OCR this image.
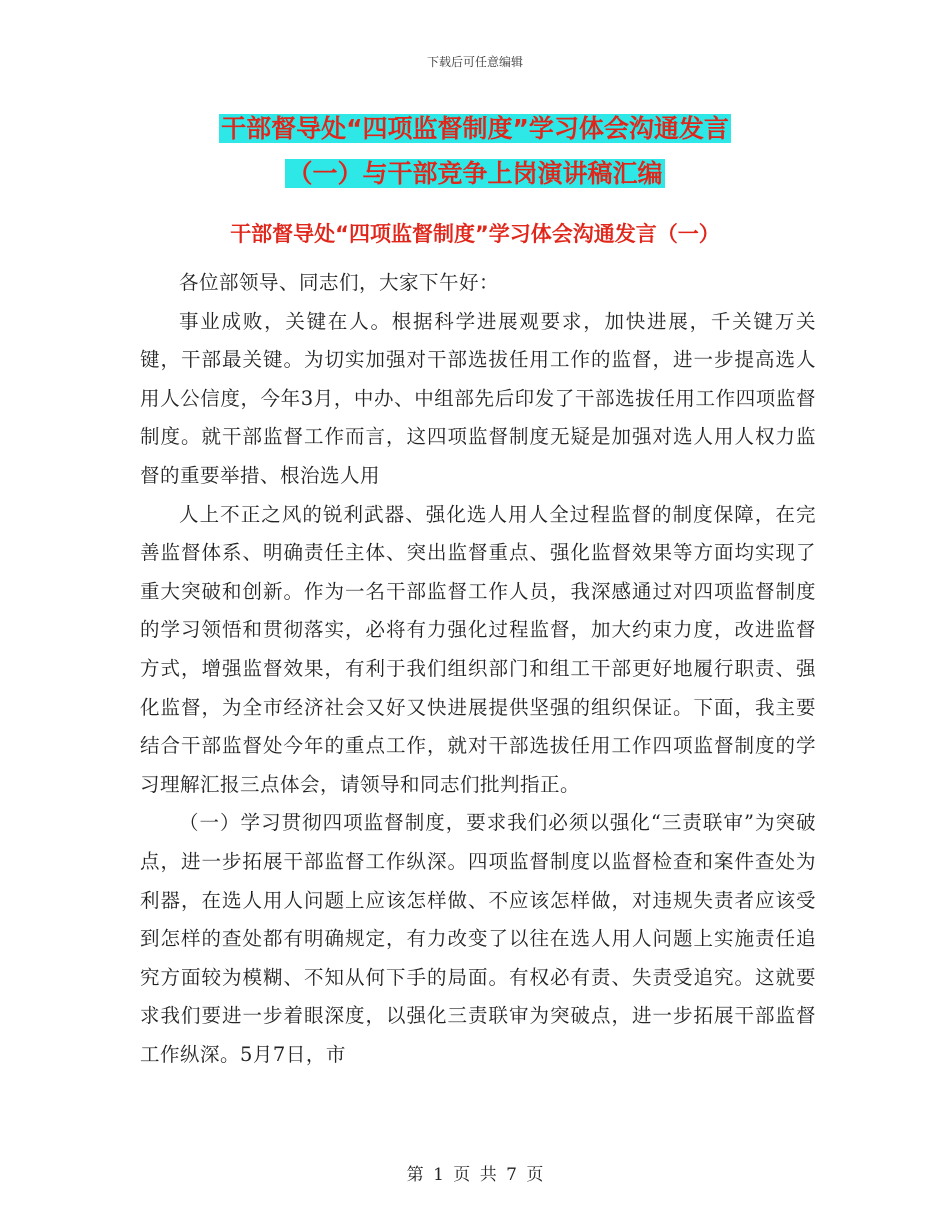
下载后可任意编辑
干部督导处“四项监督制度”学习体会沟通发言
（一）与干部竞争上岗演讲稿汇编
干部督导处“四项监督制度”学习体会沟通发言（一）

各位部领导、同志们，大家下午好：

事业成败，关键在人。根据科学进展观要求，加快进展，千关键万关键，干部最关键。为切实加强对干部选拔任用工作的监督，进一步提高选人用人公信度，今年3月，中办、中组部先后印发了干部选拔任用工作四项监督制度。就干部监督工作而言，这四项监督制度无疑是加强对选人用人权力监督的重要举措、根治选人用

人上不正之风的锐利武器、强化选人用人全过程监督的制度保障，在完善监督体系、明确责任主体、突出监督重点、强化监督效果等方面均实现了重大突破和创新。作为一名干部监督工作人员，我深感通过对四项监督制度的学习领悟和贯彻落实，必将有力强化过程监督，加大约束力度，改进监督方式，增强监督效果，有利于我们组织部门和组工干部更好地履行职责、强化监督，为全市经济社会又好又快进展提供坚强的组织保证。下面，我主要结合干部监督处今年的重点工作，就对干部选拔任用工作四项监督制度的学习理解汇报三点体会，请领导和同志们批判指正。

（一）学习贯彻四项监督制度，要求我们必须以强化“三责联审”为突破点，进一步拓展干部监督工作纵深。四项监督制度以监督检查和案件查处为利器，在选人用人问题上应该怎样做、不应该怎样做，对违规失责者应该受到怎样的查处都有明确规定，有力改变了以往在选人用人问题上实施责任追究方面较为模糊、不知从何下手的局面。有权必有责、失责受追究。这就要求我们要进一步着眼深度，以强化三责联审为突破点，进一步拓展干部监督工作纵深。5月7日，市

第 1 页 共 7 页
